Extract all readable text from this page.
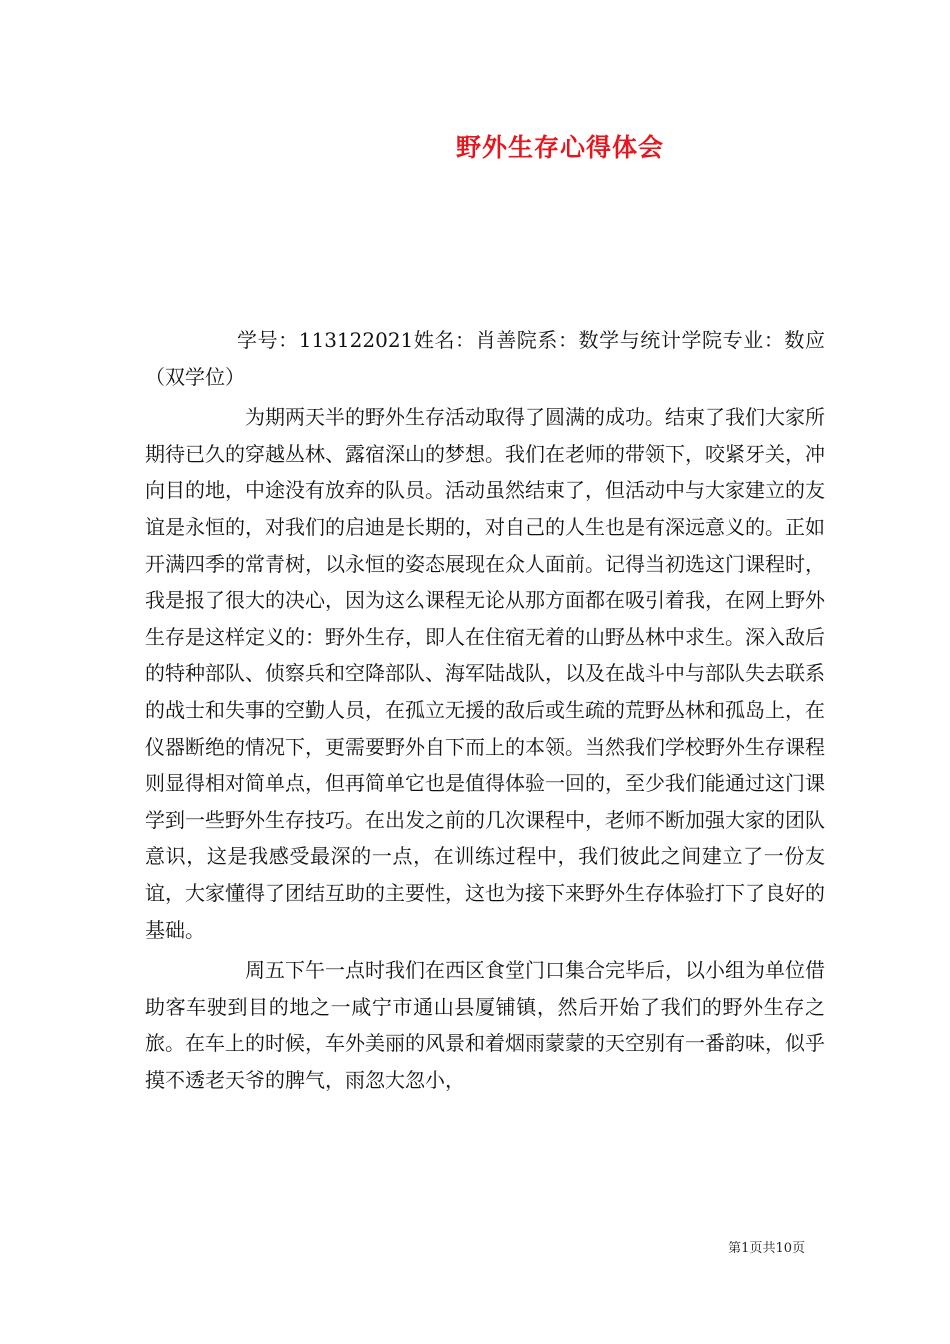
野外生存心得体会

学号：113122021姓名：肖善院系：数学与统计学院专业：数应（双学位）

为期两天半的野外生存活动取得了圆满的成功。结束了我们大家所期待已久的穿越丛林、露宿深山的梦想。我们在老师的带领下，咬紧牙关，冲向目的地，中途没有放弃的队员。活动虽然结束了，但活动中与大家建立的友谊是永恒的，对我们的启迪是长期的，对自己的人生也是有深远意义的。正如开满四季的常青树，以永恒的姿态展现在众人面前。记得当初选这门课程时，我是报了很大的决心，因为这么课程无论从那方面都在吸引着我，在网上野外生存是这样定义的：野外生存，即人在住宿无着的山野丛林中求生。深入敌后的特种部队、侦察兵和空降部队、海军陆战队，以及在战斗中与部队失去联系的战士和失事的空勤人员，在孤立无援的敌后或生疏的荒野丛林和孤岛上，在仪器断绝的情况下，更需要野外自下而上的本领。当然我们学校野外生存课程则显得相对简单点，但再简单它也是值得体验一回的，至少我们能通过这门课学到一些野外生存技巧。在出发之前的几次课程中，老师不断加强大家的团队意识，这是我感受最深的一点，在训练过程中，我们彼此之间建立了一份友谊，大家懂得了团结互助的主要性，这也为接下来野外生存体验打下了良好的基础。

周五下午一点时我们在西区食堂门口集合完毕后，以小组为单位借助客车驶到目的地之一咸宁市通山县厦铺镇，然后开始了我们的野外生存之旅。在车上的时候，车外美丽的风景和着烟雨蒙蒙的天空别有一番韵味，似乎摸不透老天爷的脾气，雨忽大忽小，

第1页共10页
